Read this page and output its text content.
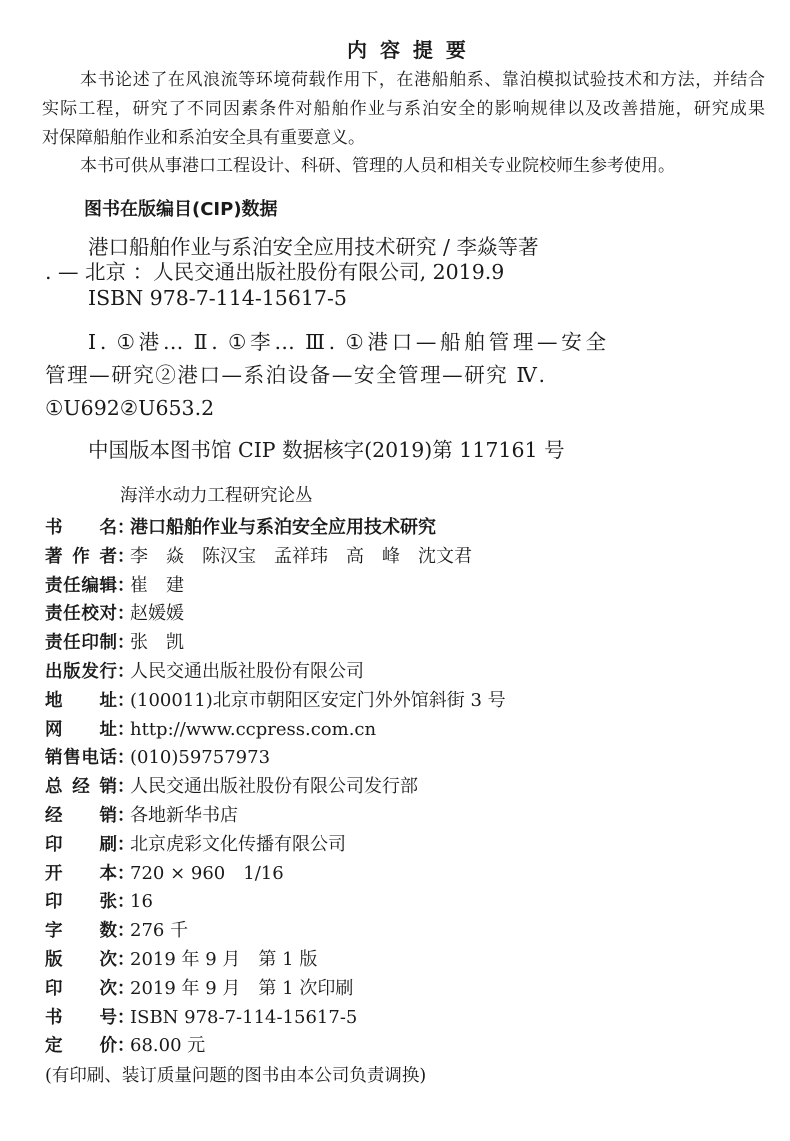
内 容 提 要
本书论述了在风浪流等环境荷载作用下，在港船舶系、靠泊模拟试验技术和方法，并结合
实际工程，研究了不同因素条件对船舶作业与系泊安全的影响规律以及改善措施，研究成果
对保障船舶作业和系泊安全具有重要意义。
本书可供从事港口工程设计、科研、管理的人员和相关专业院校师生参考使用。
图书在版编目(CIP)数据
港口船舶作业与系泊安全应用技术研究 / 李焱等著
. — 北京 ：人民交通出版社股份有限公司, 2019.9
ISBN 978-7-114-15617-5
Ⅰ. ①港… Ⅱ. ①李… Ⅲ. ①港口—船舶管理—安全
管理—研究②港口—系泊设备—安全管理—研究 Ⅳ.
①U692②U653.2
中国版本图书馆 CIP 数据核字(2019)第 117161 号
海洋水动力工程研究论丛
书　　名 ：
港口船舶作业与系泊安全应用技术研究
著 作 者 ：
李　焱　陈汉宝　孟祥玮　高　峰　沈文君
责任编辑 ：
崔　建
责任校对 ：
赵媛媛
责任印制 ：
张　凯
出版发行 ：
人民交通出版社股份有限公司
地　　址 ：
(100011)北京市朝阳区安定门外外馆斜街 3 号
网　　址 ：
http://www.ccpress.com.cn
销售电话 ：
(010)59757973
总 经 销 ：
人民交通出版社股份有限公司发行部
经　　销 ：
各地新华书店
印　　刷 ：
北京虎彩文化传播有限公司
开　　本 ：
720 × 960　1/16
印　　张 ：
16
字　　数 ：
276 千
版　　次 ：
2019 年 9 月　第 1 版
印　　次 ：
2019 年 9 月　第 1 次印刷
书　　号 ：
ISBN 978-7-114-15617-5
定　　价 ：
68.00 元
(有印刷、装订质量问题的图书由本公司负责调换)
